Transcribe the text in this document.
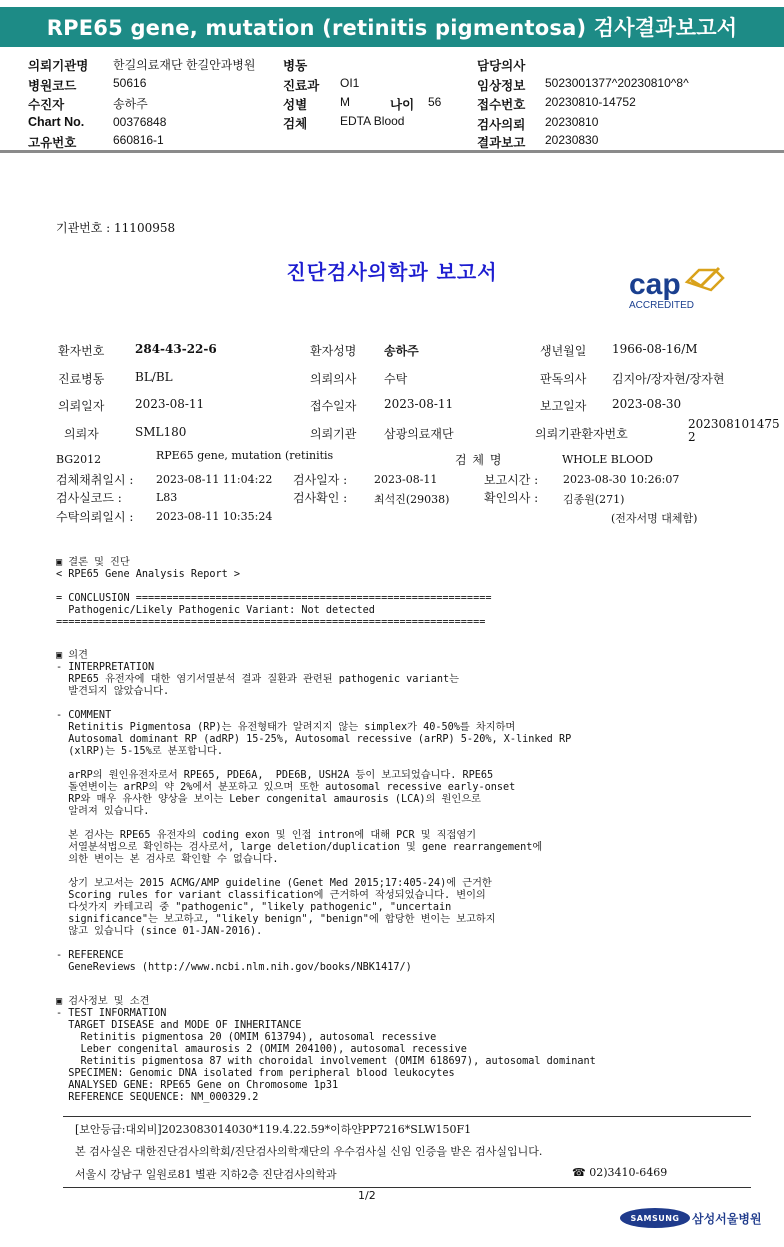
RPE65 gene, mutation (retinitis pigmentosa) 검사결과보고서
의뢰기관명 한길의료재단 한길안과병원
병원코드	50616
수진자	송하주
Chart No. 00376848
고유번호	660816-1
병동
진료과 OI1
성별	M	나이 56
검체	EDTA Blood
담당의사
임상정보 5023001377^20230810^8^
접수번호 20230810-14752
검사의뢰 20230810
결과보고 20230830
기관번호 : 11100958
진단검사의학과 보고서	cap
ACCREDITED
환자번호	284-43-22-6	환자성명 송하주	생년월일 1966-08-16/M
진료병동	BL/BL	의뢰의사 수탁	판독의사 김지아/장자현/장자현
의뢰일자	2023-08-11	접수일자 2023-08-11	보고일자 2023-08-30
의뢰자	SML180	의뢰기관 삼광의료재단	의뢰기관환자번호
202308101475
2
BG2012	RPE65 gene, mutation (retinitis	검 체 명	WHOLE BLOOD
검체채취일시 : 2023-08-11 11:04:22 검사일자 : 2023-08-11	보고시간 : 2023-08-30 10:26:07
검사실코드 :	L83	검사확인 : 최석진(29038)	확인의사 : 김종원(271)
수탁의뢰일시 : 2023-08-11 10:35:24	(전자서명 대체함)
▣ 결론 및 진단
< RPE65 Gene Analysis Report >

= CONCLUSION ==========================================================
Pathogenic/Likely Pathogenic Variant: Not detected
======================================================================
▣ 의견
- INTERPRETATION
RPE65 유전자에 대한 염기서열분석 결과 질환과 관련된 pathogenic variant는
발견되지 않았습니다.

- COMMENT
Retinitis Pigmentosa (RP)는 유전형태가 알려지지 않는 simplex가 40-50%를 차지하며
Autosomal dominant RP (adRP) 15-25%, Autosomal recessive (arRP) 5-20%, X-linked RP
(xlRP)는 5-15%로 분포합니다.

arRP의 원인유전자로서 RPE65, PDE6A,  PDE6B, USH2A 등이 보고되었습니다. RPE65
돌연변이는 arRP의 약 2%에서 분포하고 있으며 또한 autosomal recessive early-onset
RP와 매우 유사한 양상을 보이는 Leber congenital amaurosis (LCA)의 원인으로
알려져 있습니다.

본 검사는 RPE65 유전자의 coding exon 및 인접 intron에 대해 PCR 및 직접염기
서열분석법으로 확인하는 검사로서, large deletion/duplication 및 gene rearrangement에
의한 변이는 본 검사로 확인할 수 없습니다.

상기 보고서는 2015 ACMG/AMP guideline (Genet Med 2015;17:405-24)에 근거한
Scoring rules for variant classification에 근거하여 작성되었습니다. 변이의
다섯가지 카테고리 중 "pathogenic", "likely pathogenic", "uncertain
significance"는 보고하고, "likely benign", "benign"에 합당한 변이는 보고하지
않고 있습니다 (since 01-JAN-2016).

- REFERENCE
GeneReviews (http://www.ncbi.nlm.nih.gov/books/NBK1417/)
▣ 검사정보 및 소견
- TEST INFORMATION
TARGET DISEASE and MODE OF INHERITANCE
Retinitis pigmentosa 20 (OMIM 613794), autosomal recessive
Leber congenital amaurosis 2 (OMIM 204100), autosomal recessive
Retinitis pigmentosa 87 with choroidal involvement (OMIM 618697), autosomal dominant
SPECIMEN: Genomic DNA isolated from peripheral blood leukocytes
ANALYSED GENE: RPE65 Gene on Chromosome 1p31
REFERENCE SEQUENCE: NM_000329.2
[보안등급:대외비]2023083014030*119.4.22.59*이하얀PP7216*SLW150F1
본 검사실은 대한진단검사의학회/진단검사의학재단의 우수검사실 신임 인증을 받은 검사실입니다.
서울시 강남구 일원로81 별관 지하2층 진단검사의학과	☎ 02)3410-6469
1/2
SAMSUNG 삼성서울병원
